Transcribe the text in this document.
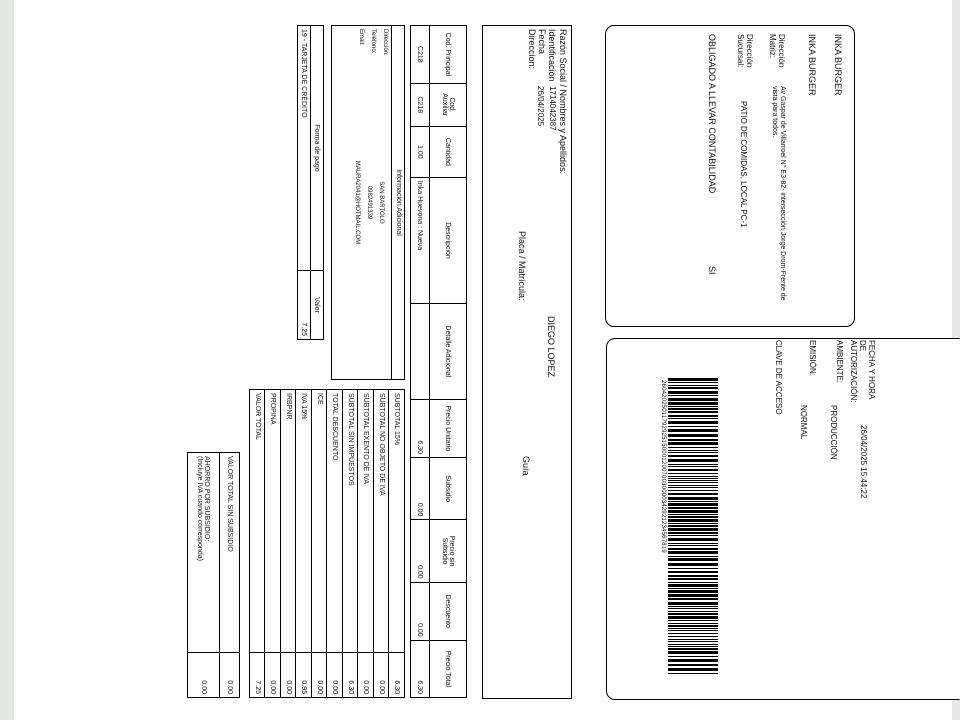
INKA BURGER
INKA BURGER
Dirección Matriz:
Av Gaspar de Villarroel N° E3-82- intersección Jorge Drom-Frente de vista para todos.
Dirección Sucursal:
PATIO DE COMIDAS, LOCAL PC-1
OBLIGADO A LLEVAR CONTABILIDAD
SI
FECHA Y HORA DE AUTORIZACIÓN:
26/04/2025 15:44:22
AMBIENTE:
PRODUCCIÓN
EMISIÓN:
NORMAL
CLAVE DE ACCESO
2604202501179292515000120070030000342921234567819
Razón Social / Nombres y Apellidos:
DIEGO LOPEZ
Identificación
Fecha
Direccion:
1714042387
26/04/2025
Placa / Matrícula:
Guía
Cod. Principal	Cod. Auxiliar	Cantidad	Descripción	Detalle Adicional	Precio Unitario	Subsidio	Precio sin Subsidio	Descuento	Precio Total
C218	C218	1.00	Inka Huevona : Nueva		6.30	0.00	0.00	0.00	6.30
Información Adicional
Dirección:
SAN BARTOLO
Teléfono:
0982491339
Email:
MAURA2041@HOTMAIL.COM
Forma de pago	Valor
19 - TARJETA DE CRÉDITO	7.25
SUBTOTAL 15%	6.30
SUBTOTAL NO OBJETO DE IVA	0.00
SUBTOTAL EXENTO DE IVA	0.00
SUBTOTAL SIN IMPUESTOS	6.30
TOTAL DESCUENTO	0.00
ICE	0.00
IVA 15%	0.95
IRBPNR	0.00
PROPINA	0.00
VALOR TOTAL	7.25
VALOR TOTAL SIN SUBSIDIO	0.00

AHORRO POR SUBSIDIO:
(Incluye IVA cuando corresponda)	0.00
